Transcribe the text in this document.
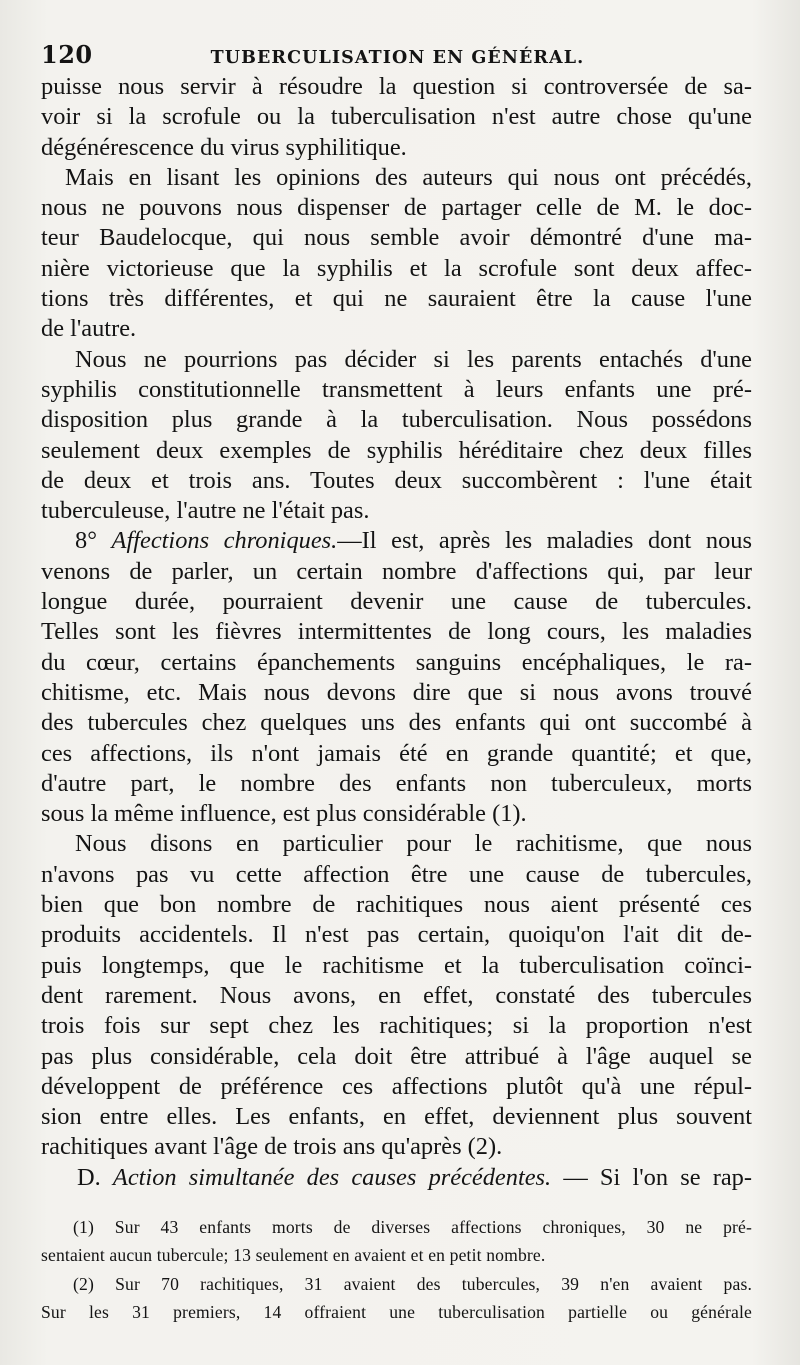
120	TUBERCULISATION EN GÉNÉRAL.

puisse nous servir à résoudre la question si controversée de sa-
voir si la scrofule ou la tuberculisation n'est autre chose qu'une
dégénérescence du virus syphilitique.

Mais en lisant les opinions des auteurs qui nous ont précédés,
nous ne pouvons nous dispenser de partager celle de M. le doc-
teur Baudelocque, qui nous semble avoir démontré d'une ma-
nière victorieuse que la syphilis et la scrofule sont deux affec-
tions très différentes, et qui ne sauraient être la cause l'une
de l'autre.

Nous ne pourrions pas décider si les parents entachés d'une
syphilis constitutionnelle transmettent à leurs enfants une pré-
disposition plus grande à la tuberculisation. Nous possédons
seulement deux exemples de syphilis héréditaire chez deux filles
de deux et trois ans. Toutes deux succombèrent : l'une était
tuberculeuse, l'autre ne l'était pas.

8° Affections chroniques.—Il est, après les maladies dont nous
venons de parler, un certain nombre d'affections qui, par leur
longue durée, pourraient devenir une cause de tubercules.
Telles sont les fièvres intermittentes de long cours, les maladies
du cœur, certains épanchements sanguins encéphaliques, le ra-
chitisme, etc. Mais nous devons dire que si nous avons trouvé
des tubercules chez quelques uns des enfants qui ont succombé à
ces affections, ils n'ont jamais été en grande quantité; et que,
d'autre part, le nombre des enfants non tuberculeux, morts
sous la même influence, est plus considérable (1).

Nous disons en particulier pour le rachitisme, que nous
n'avons pas vu cette affection être une cause de tubercules,
bien que bon nombre de rachitiques nous aient présenté ces
produits accidentels. Il n'est pas certain, quoiqu'on l'ait dit de-
puis longtemps, que le rachitisme et la tuberculisation coïnci-
dent rarement. Nous avons, en effet, constaté des tubercules
trois fois sur sept chez les rachitiques; si la proportion n'est
pas plus considérable, cela doit être attribué à l'âge auquel se
développent de préférence ces affections plutôt qu'à une répul-
sion entre elles. Les enfants, en effet, deviennent plus souvent
rachitiques avant l'âge de trois ans qu'après (2).

D. Action simultanée des causes précédentes. — Si l'on se rap-

(1) Sur 43 enfants morts de diverses affections chroniques, 30 ne pré-
sentaient aucun tubercule; 13 seulement en avaient et en petit nombre.
(2) Sur 70 rachitiques, 31 avaient des tubercules, 39 n'en avaient pas.
Sur les 31 premiers, 14 offraient une tuberculisation partielle ou générale
